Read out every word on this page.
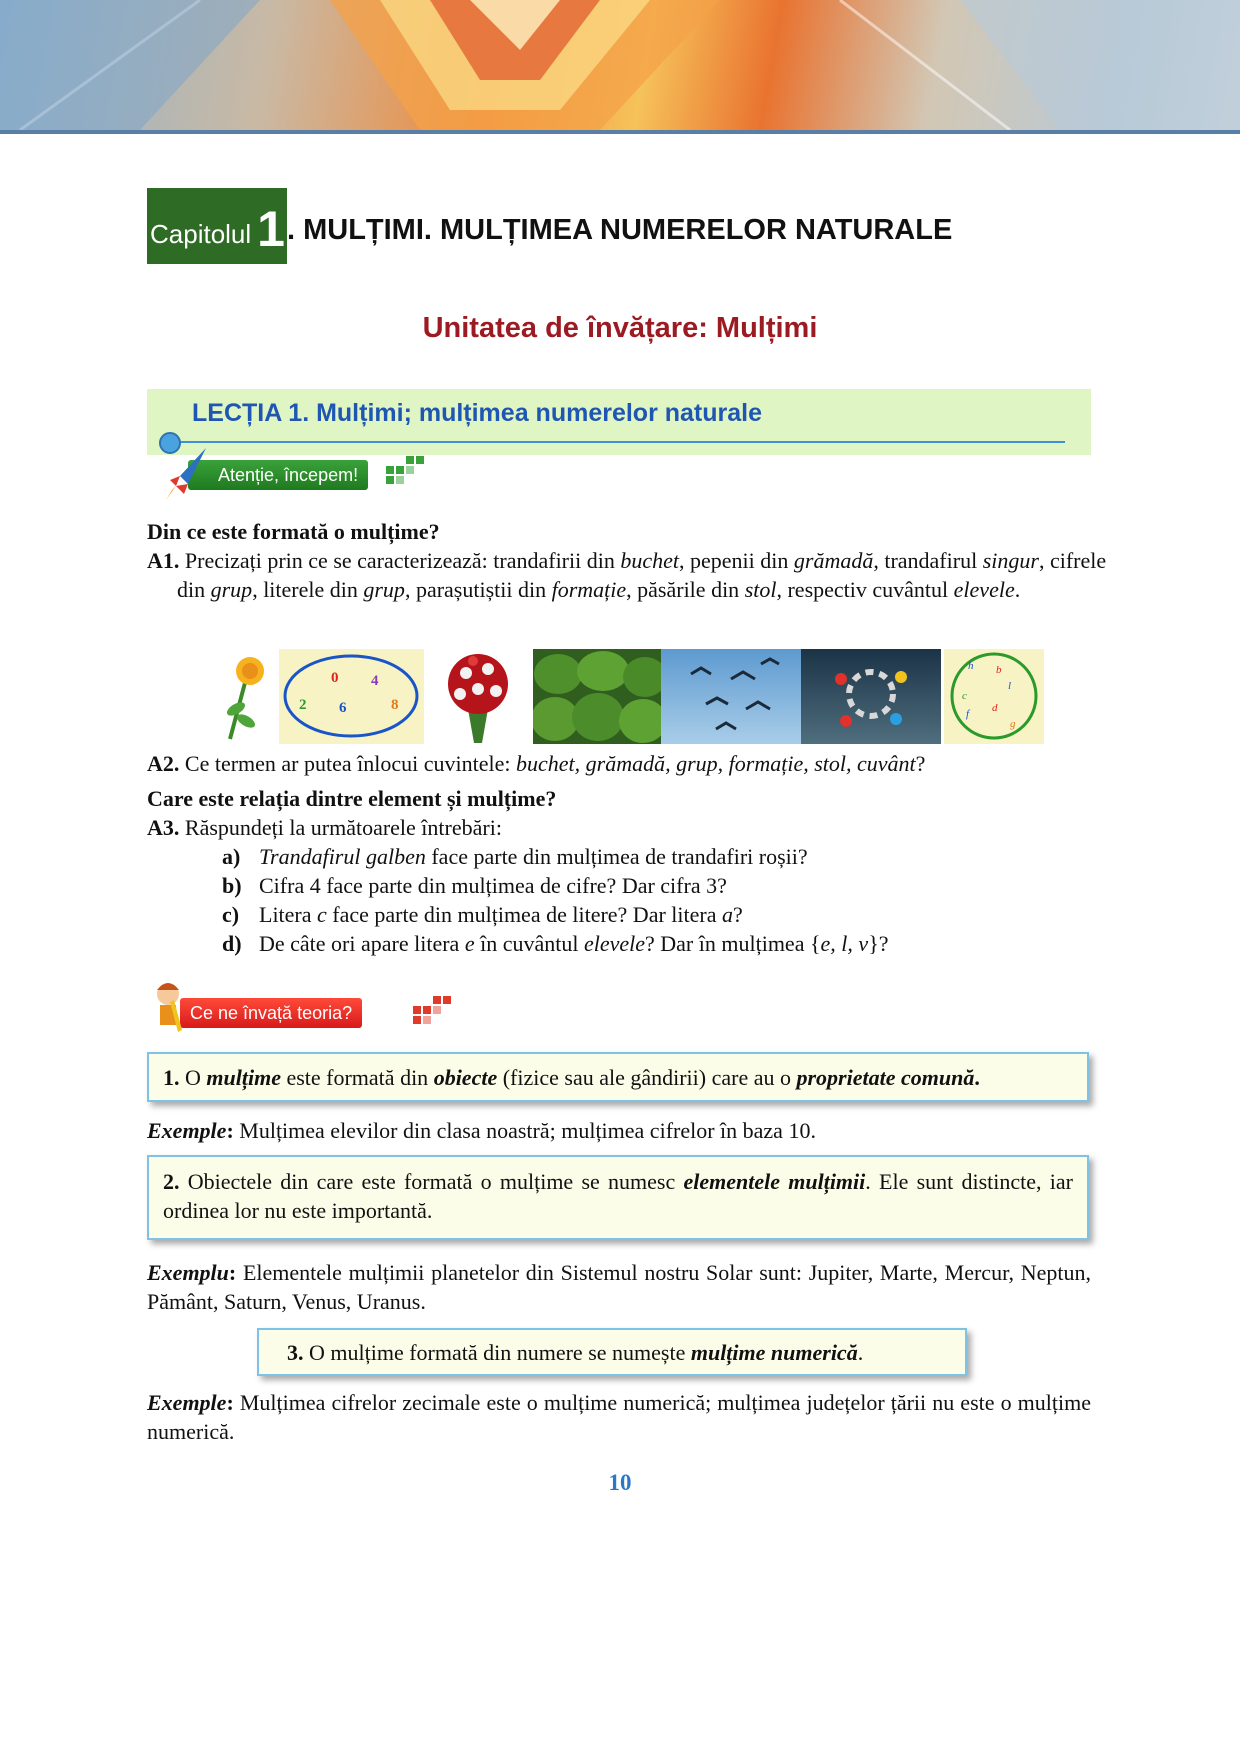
Capitolul 1 . MULȚIMI. MULȚIMEA NUMERELOR NATURALE
Unitatea de învățare: Mulțimi
LECȚIA 1. Mulțimi; mulțimea numerelor naturale
Atenție, începem!
Din ce este formată o mulțime?
A1. Precizați prin ce se caracterizează: trandafirii din buchet, pepenii din grămadă, trandafirul singur, cifrele din grup, literele din grup, parașutiștii din formație, păsările din stol, respectiv cuvântul elevele.
0 4
2 6	8
h b
l
c
f d
g
A2. Ce termen ar putea înlocui cuvintele: buchet, grămadă, grup, formație, stol, cuvânt?
Care este relația dintre element și mulțime?
A3. Răspundeți la următoarele întrebări:
a) Trandafirul galben face parte din mulțimea de trandafiri roșii?
b) Cifra 4 face parte din mulțimea de cifre? Dar cifra 3?
c) Litera c face parte din mulțimea de litere? Dar litera a?
d) De câte ori apare litera e în cuvântul elevele? Dar în mulțimea {e, l, v}?
Ce ne învață teoria?
1. O mulțime este formată din obiecte (fizice sau ale gândirii) care au o proprietate comună.
Exemple: Mulțimea elevilor din clasa noastră; mulțimea cifrelor în baza 10.
2. Obiectele din care este formată o mulțime se numesc elementele mulțimii. Ele sunt distincte, iar ordinea lor nu este importantă.
Exemplu: Elementele mulțimii planetelor din Sistemul nostru Solar sunt: Jupiter, Marte, Mercur, Neptun, Pământ, Saturn, Venus, Uranus.
3. O mulțime formată din numere se numește mulțime numerică.
Exemple: Mulțimea cifrelor zecimale este o mulțime numerică; mulțimea județelor țării nu este o mulțime numerică.
10
